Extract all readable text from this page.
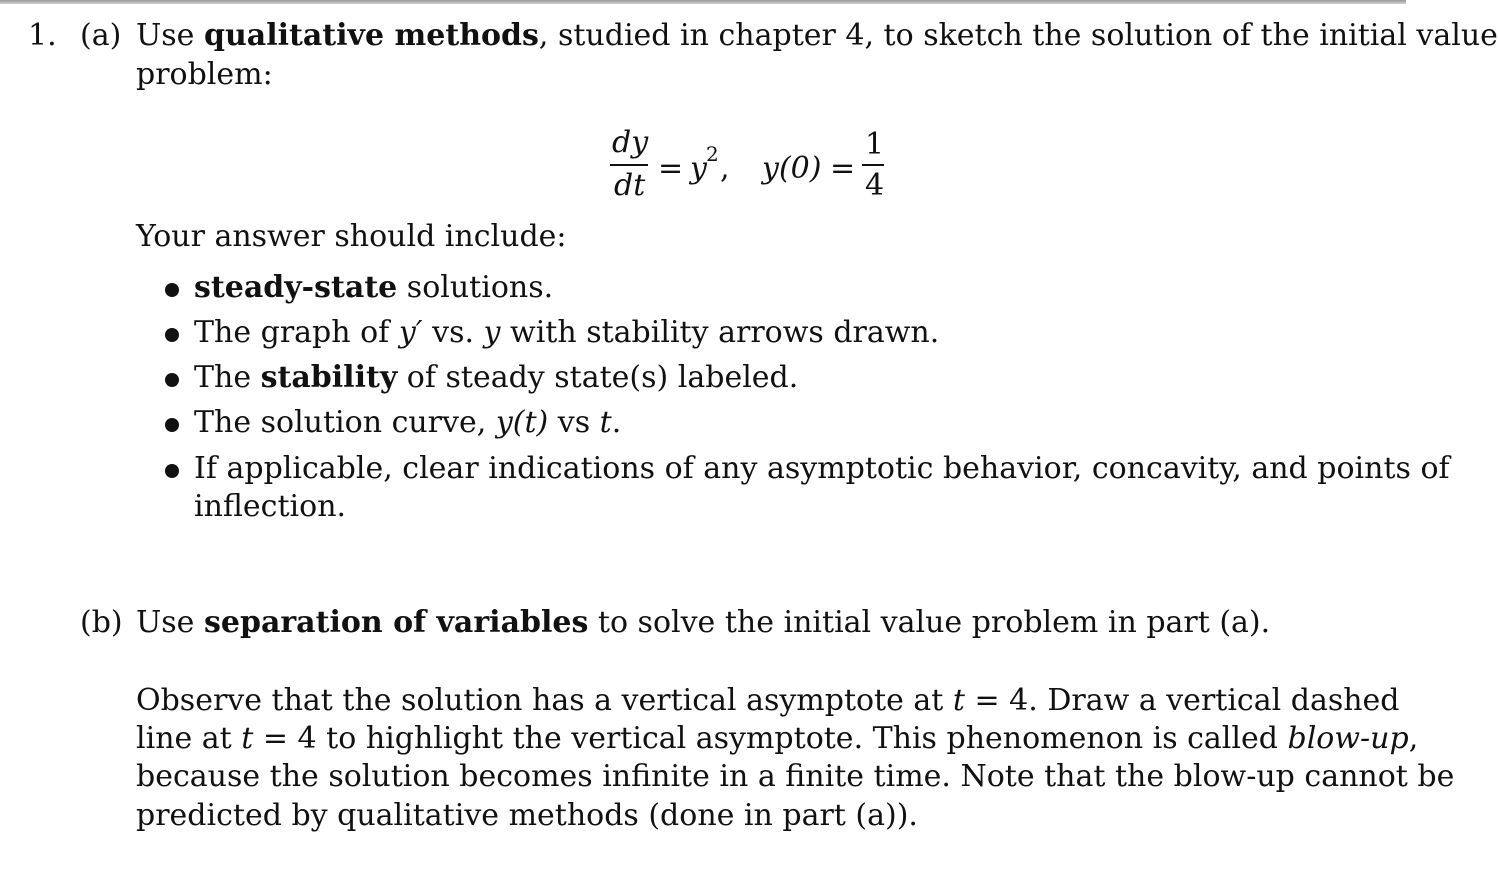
1. (a) Use qualitative methods, studied in chapter 4, to sketch the solution of the initial value
problem:
dy
dt = y 2 , y(0) =
1
4
Your answer should include:
steady-state solutions.
The graph of y′ vs. y with stability arrows drawn.
The stability of steady state(s) labeled.
The solution curve, y(t) vs t.
If applicable, clear indications of any asymptotic behavior, concavity, and points of
inflection.
(b) Use separation of variables to solve the initial value problem in part (a).
Observe that the solution has a vertical asymptote at t = 4. Draw a vertical dashed
line at t = 4 to highlight the vertical asymptote. This phenomenon is called blow-up,
because the solution becomes infinite in a finite time. Note that the blow-up cannot be
predicted by qualitative methods (done in part (a)).
